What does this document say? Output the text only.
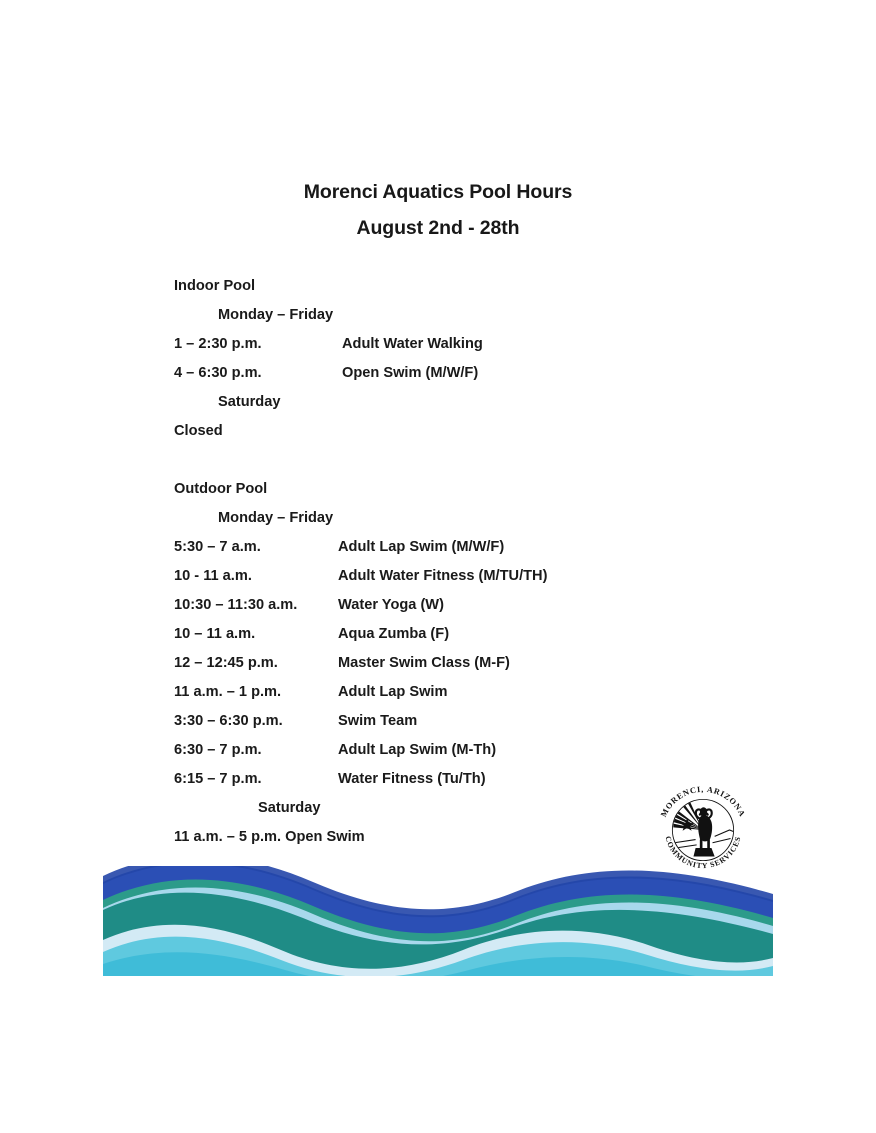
Morenci Aquatics Pool Hours
August 2nd - 28th
Indoor Pool
Monday – Friday
1 – 2:30 p.m.	Adult Water Walking
4 – 6:30 p.m.	Open Swim (M/W/F)
Saturday
Closed
Outdoor Pool
Monday – Friday
5:30 – 7 a.m.	Adult Lap Swim (M/W/F)
10 - 11 a.m.	Adult Water Fitness (M/TU/TH)
10:30 – 11:30 a.m.	Water Yoga (W)
10 – 11 a.m.	Aqua Zumba (F)
12 – 12:45 p.m.	Master Swim Class (M-F)
11 a.m. – 1 p.m.	Adult Lap Swim
3:30 – 6:30 p.m.	Swim Team
6:30 – 7 p.m.	Adult Lap Swim (M-Th)
6:15 – 7 p.m.	Water Fitness (Tu/Th)
Saturday
11 a.m. – 5 p.m. Open Swim
MORENCI, ARIZONA
COMMUNITY SERVICES
